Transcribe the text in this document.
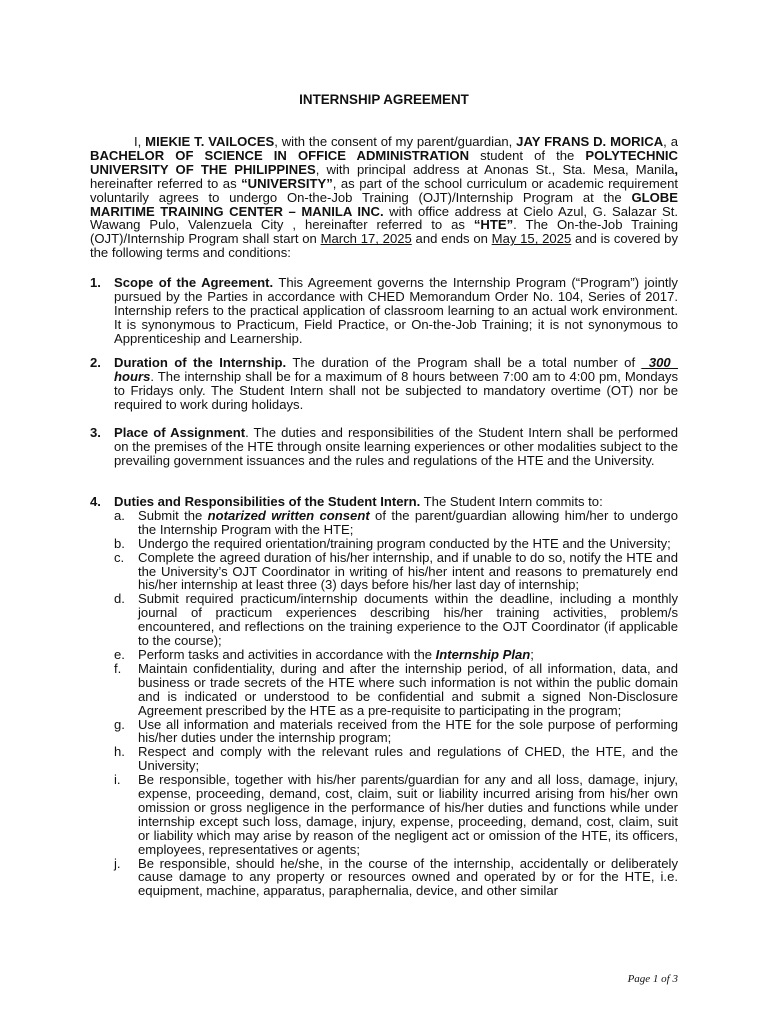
INTERNSHIP AGREEMENT

I, MIEKIE T. VAILOCES, with the consent of my parent/guardian, JAY FRANS D. MORICA, a BACHELOR OF SCIENCE IN OFFICE ADMINISTRATION student of the POLYTECHNIC UNIVERSITY OF THE PHILIPPINES, with principal address at Anonas St., Sta. Mesa, Manila, hereinafter referred to as “UNIVERSITY”, as part of the school curriculum or academic requirement voluntarily agrees to undergo On-the-Job Training (OJT)/Internship Program at the GLOBE MARITIME TRAINING CENTER – MANILA INC. with office address at Cielo Azul, G. Salazar St. Wawang Pulo, Valenzuela City , hereinafter referred to as “HTE”. The On-the-Job Training (OJT)/Internship Program shall start on March 17, 2025 and ends on May 15, 2025 and is covered by the following terms and conditions:

1. Scope of the Agreement. This Agreement governs the Internship Program (“Program”) jointly pursued by the Parties in accordance with CHED Memorandum Order No. 104, Series of 2017. Internship refers to the practical application of classroom learning to an actual work environment. It is synonymous to Practicum, Field Practice, or On-the-Job Training; it is not synonymous to Apprenticeship and Learnership.
2. Duration of the Internship. The duration of the Program shall be a total number of _300_ hours. The internship shall be for a maximum of 8 hours between 7:00 am to 4:00 pm, Mondays to Fridays only. The Student Intern shall not be subjected to mandatory overtime (OT) nor be required to work during holidays.
3. Place of Assignment. The duties and responsibilities of the Student Intern shall be performed on the premises of the HTE through onsite learning experiences or other modalities subject to the prevailing government issuances and the rules and regulations of the HTE and the University.
4. Duties and Responsibilities of the Student Intern. The Student Intern commits to:
a. Submit the notarized written consent of the parent/guardian allowing him/her to undergo the Internship Program with the HTE;
b. Undergo the required orientation/training program conducted by the HTE and the University;
c. Complete the agreed duration of his/her internship, and if unable to do so, notify the HTE and the University’s OJT Coordinator in writing of his/her intent and reasons to prematurely end his/her internship at least three (3) days before his/her last day of internship;
d. Submit required practicum/internship documents within the deadline, including a monthly journal of practicum experiences describing his/her training activities, problem/s encountered, and reflections on the training experience to the OJT Coordinator (if applicable to the course);
e. Perform tasks and activities in accordance with the Internship Plan;
f. Maintain confidentiality, during and after the internship period, of all information, data, and business or trade secrets of the HTE where such information is not within the public domain and is indicated or understood to be confidential and submit a signed Non-Disclosure Agreement prescribed by the HTE as a pre-requisite to participating in the program;
g. Use all information and materials received from the HTE for the sole purpose of performing his/her duties under the internship program;
h. Respect and comply with the relevant rules and regulations of CHED, the HTE, and the University;
i. Be responsible, together with his/her parents/guardian for any and all loss, damage, injury, expense, proceeding, demand, cost, claim, suit or liability incurred arising from his/her own omission or gross negligence in the performance of his/her duties and functions while under internship except such loss, damage, injury, expense, proceeding, demand, cost, claim, suit or liability which may arise by reason of the negligent act or omission of the HTE, its officers, employees, representatives or agents;
j. Be responsible, should he/she, in the course of the internship, accidentally or deliberately cause damage to any property or resources owned and operated by or for the HTE, i.e. equipment, machine, apparatus, paraphernalia, device, and other similar
Page 1 of 3
